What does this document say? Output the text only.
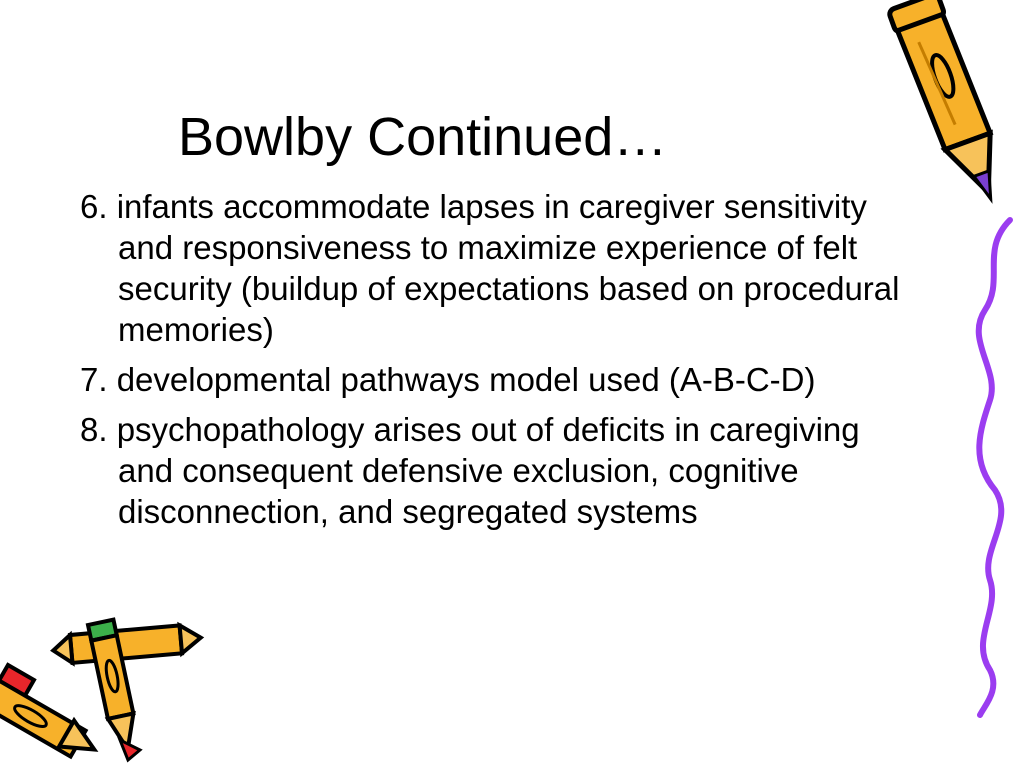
Bowlby Continued…
6. infants accommodate lapses in caregiver sensitivity and responsiveness to maximize experience of felt security (buildup of expectations based on procedural memories)
7. developmental pathways model used (A-B-C-D)
8. psychopathology arises out of deficits in caregiving and consequent defensive exclusion, cognitive disconnection, and segregated systems
